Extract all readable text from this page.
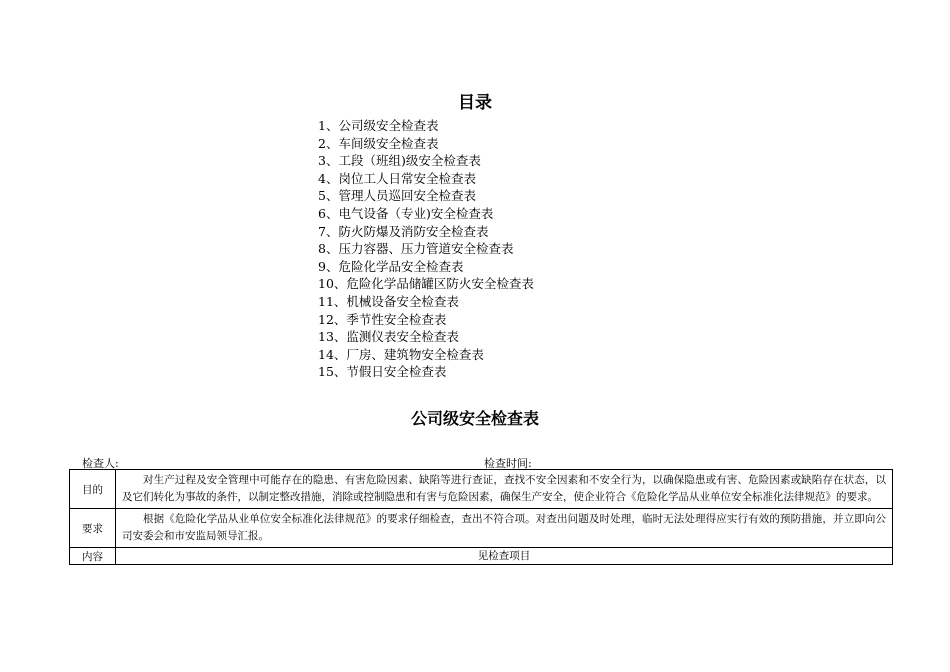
目录
1、公司级安全检查表
2、车间级安全检查表
3、工段（班组)级安全检查表
4、岗位工人日常安全检查表
5、管理人员巡回安全检查表
6、电气设备（专业)安全检查表
7、防火防爆及消防安全检查表
8、压力容器、压力管道安全检查表
9、危险化学品安全检查表
10、危险化学品储罐区防火安全检查表
11、机械设备安全检查表
12、季节性安全检查表
13、监测仪表安全检查表
14、厂房、建筑物安全检查表
15、节假日安全检查表
公司级安全检查表
检查人:	检查时间:
目的	对生产过程及安全管理中可能存在的隐患、有害危险因素、缺陷等进行查证，查找不安全因素和不安全行为，以确保隐患或有害、危险因素或缺陷存在状态，以及它们转化为事故的条件，以制定整改措施，消除或控制隐患和有害与危险因素，确保生产安全，使企业符合《危险化学品从业单位安全标准化法律规范》的要求。

要求	根据《危险化学品从业单位安全标准化法律规范》的要求仔细检查，查出不符合项。对查出问题及时处理，临时无法处理得应实行有效的预防措施，并立即向公司安委会和市安监局领导汇报。

内容	见检查项目
